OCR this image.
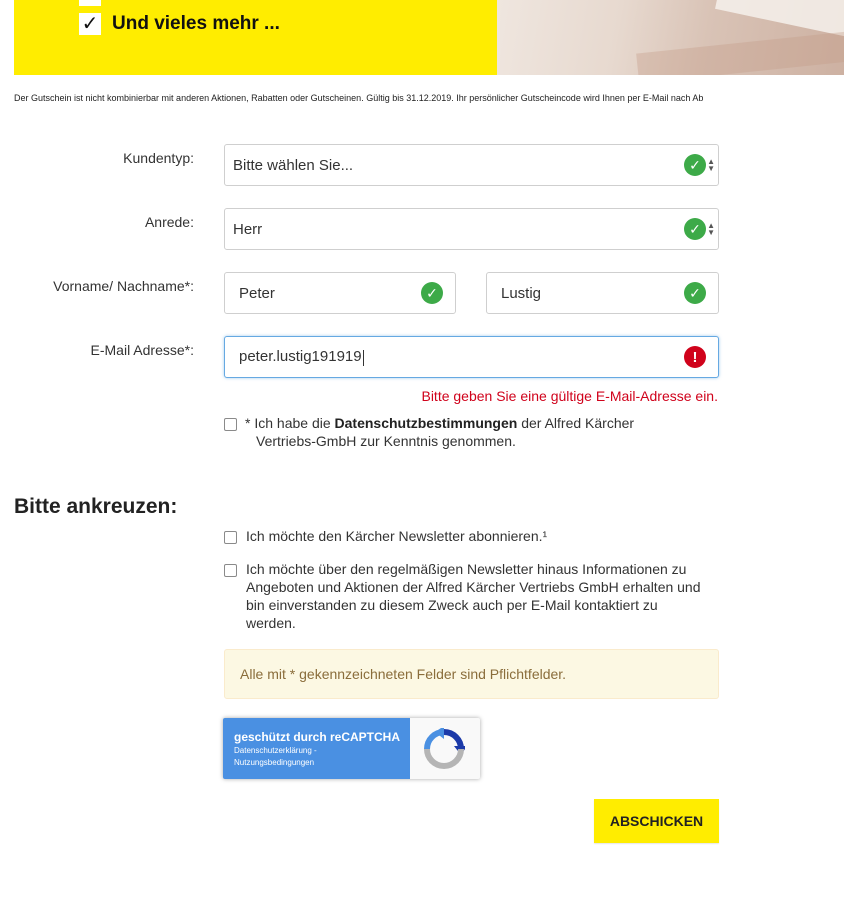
✓ Und vieles mehr ...
Der Gutschein ist nicht kombinierbar mit anderen Aktionen, Rabatten oder Gutscheinen. Gültig bis 31.12.2019. Ihr persönlicher Gutscheincode wird Ihnen per E-Mail nach Ab
Kundentyp:	Bitte wählen Sie...	✓ ▲
▼
Anrede:	Herr	✓ ▲
▼
Vorname/ Nachname*:	Peter	✓	Lustig	✓
E-Mail Adresse*:	peter.lustig191919	!
Bitte geben Sie eine gültige E-Mail-Adresse ein.
* Ich habe die Datenschutzbestimmungen der Alfred Kärcher
Vertriebs-GmbH zur Kenntnis genommen.
Bitte ankreuzen:
Ich möchte den Kärcher Newsletter abonnieren.¹
Ich möchte über den regelmäßigen Newsletter hinaus Informationen zu
Angeboten und Aktionen der Alfred Kärcher Vertriebs GmbH erhalten und
bin einverstanden zu diesem Zweck auch per E-Mail kontaktiert zu
werden.
Alle mit * gekennzeichneten Felder sind Pflichtfelder.
geschützt durch reCAPTCHA
Datenschutzerklärung -
Nutzungsbedingungen
ABSCHICKEN
